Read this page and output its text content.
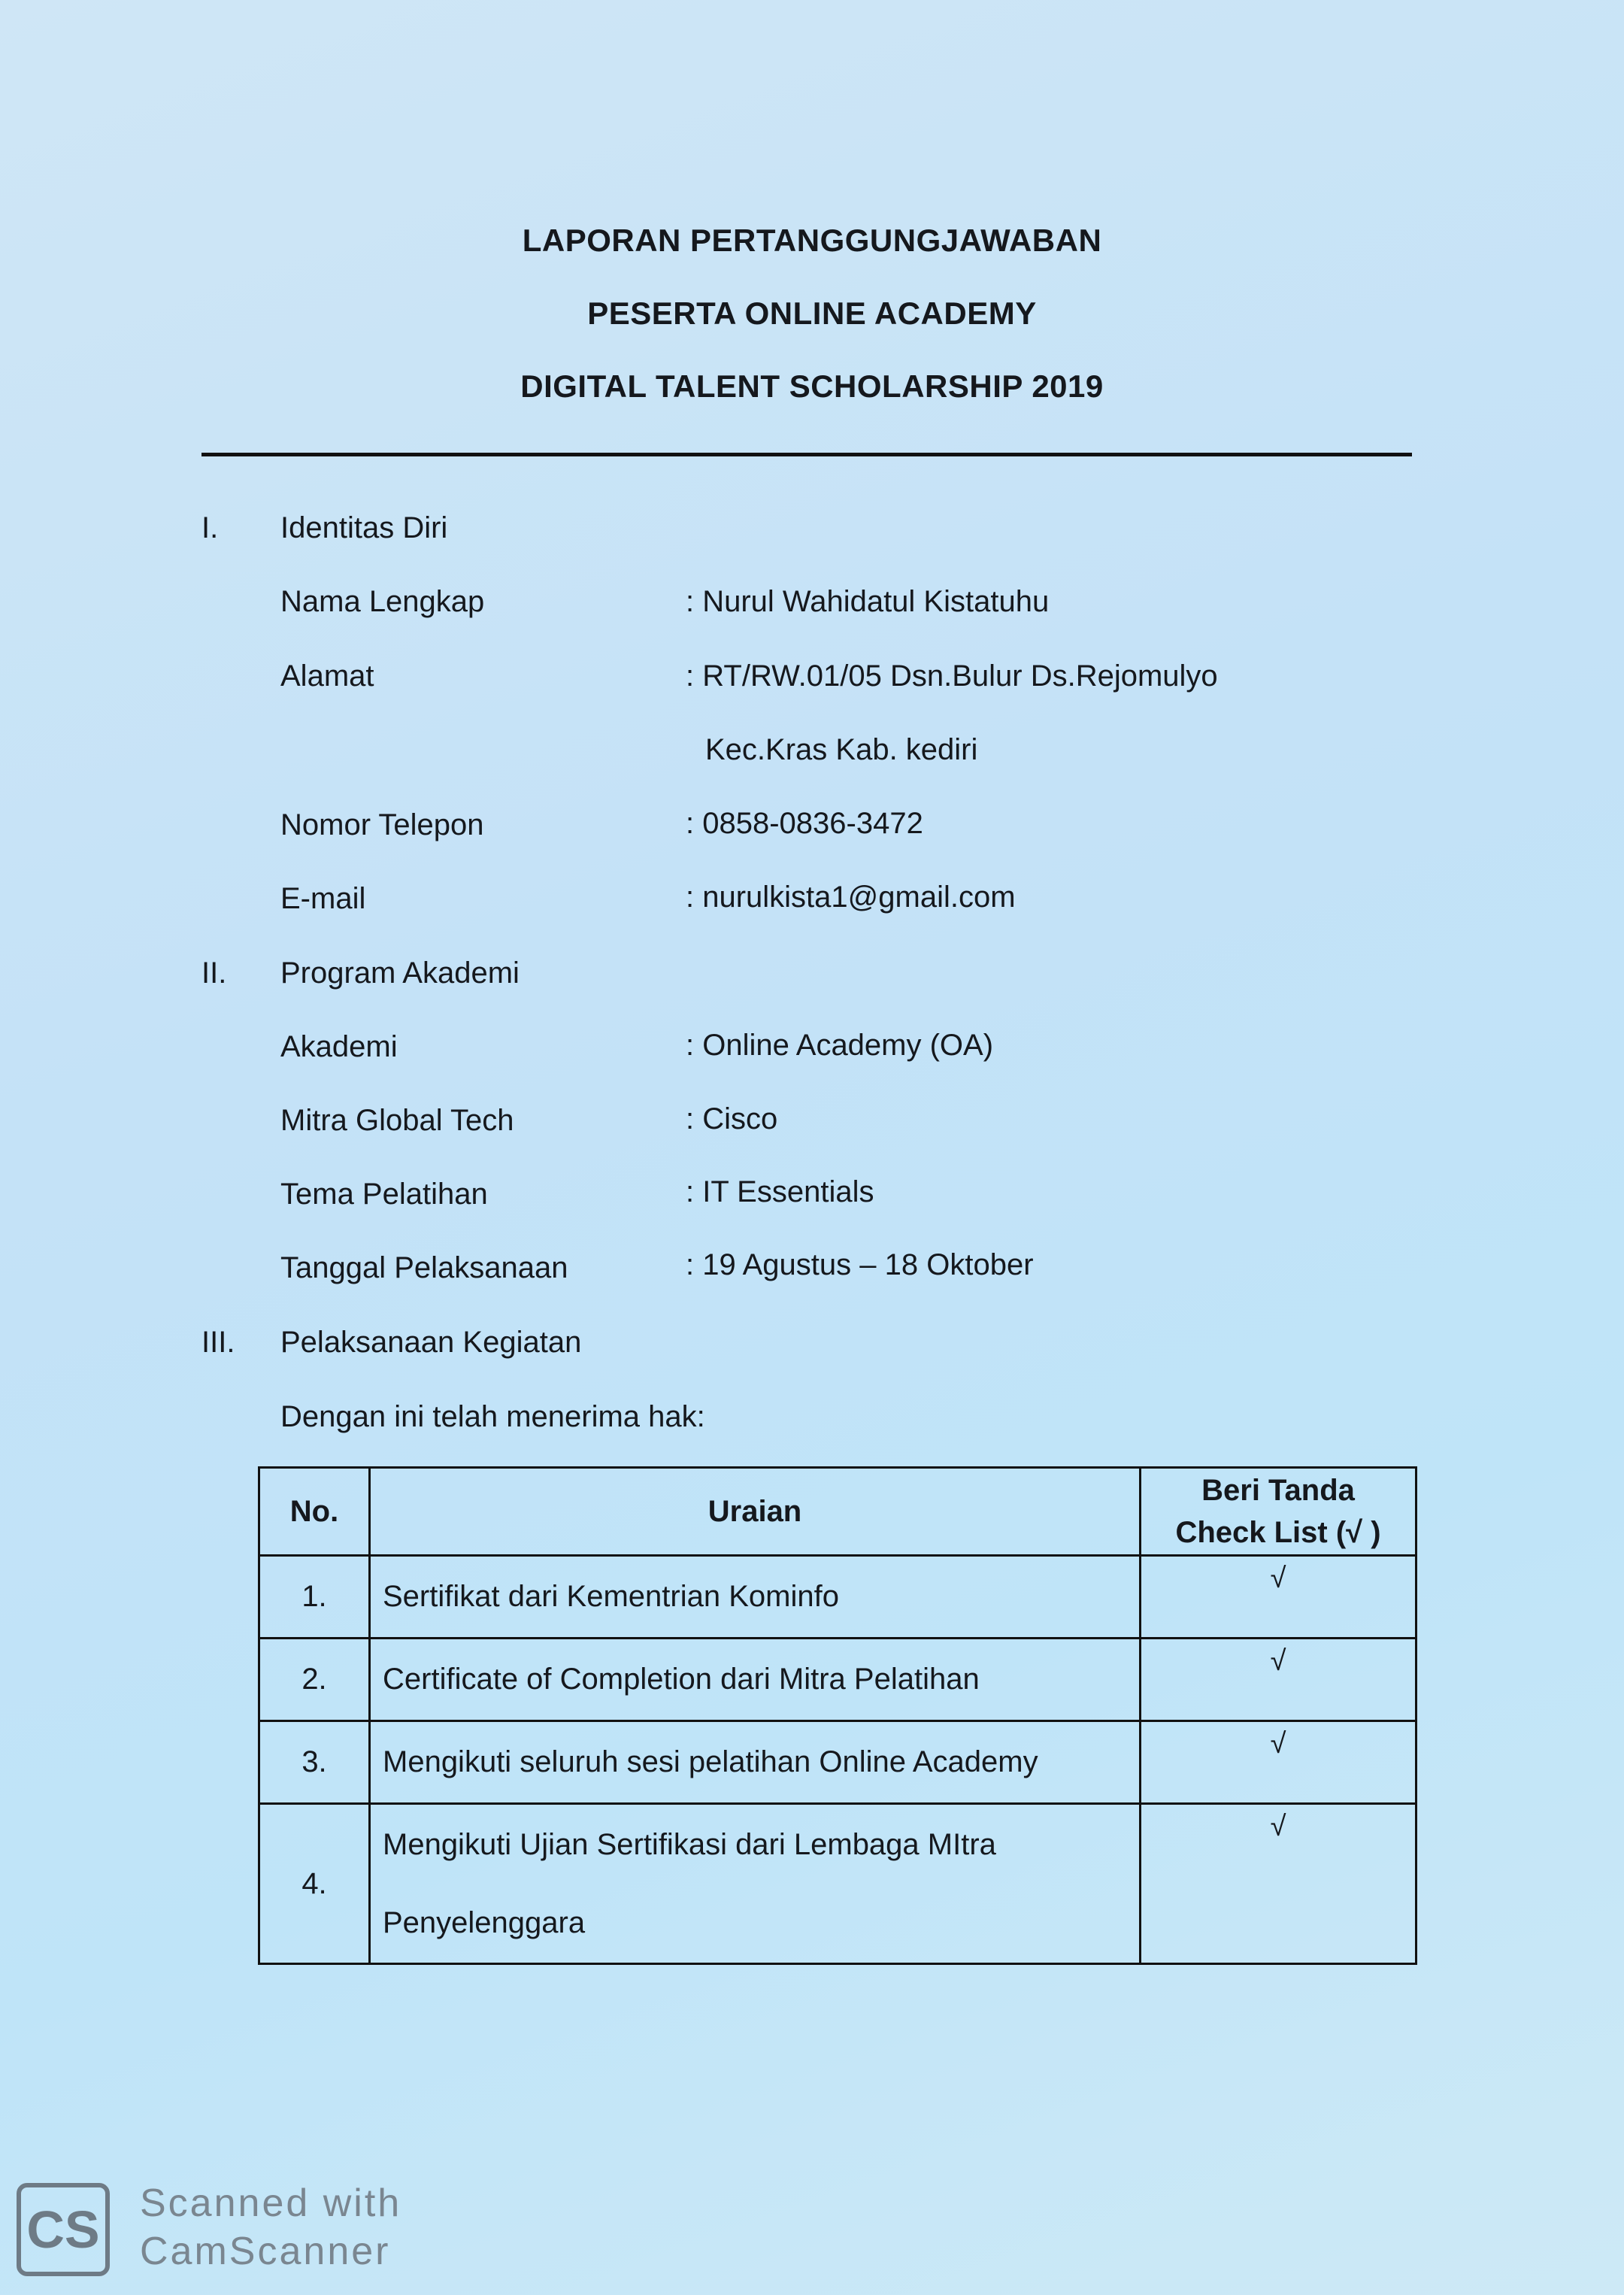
LAPORAN PERTANGGUNGJAWABAN
PESERTA ONLINE ACADEMY
DIGITAL TALENT SCHOLARSHIP 2019
I. Identitas Diri
Nama Lengkap	: Nurul Wahidatul Kistatuhu
Alamat	: RT/RW.01/05 Dsn.Bulur Ds.Rejomulyo
Kec.Kras Kab. kediri
Nomor Telepon	: 0858-0836-3472
E-mail	: nurulkista1@gmail.com
II. Program Akademi
Akademi	: Online Academy (OA)
Mitra Global Tech	: Cisco
Tema Pelatihan	: IT Essentials
Tanggal Pelaksanaan	: 19 Agustus – 18 Oktober
III. Pelaksanaan Kegiatan
Dengan ini telah menerima hak:
No.	Uraian	Beri Tanda
Check List (√ )

1.	Sertifikat dari Kementrian Kominfo	√
2.	Certificate of Completion dari Mitra Pelatihan	√
3.	Mengikuti seluruh sesi pelatihan Online Academy	√
4.	Mengikuti Ujian Sertifikasi dari Lembaga MItra
Penyelenggara	√
CS Scanned with
CamScanner
